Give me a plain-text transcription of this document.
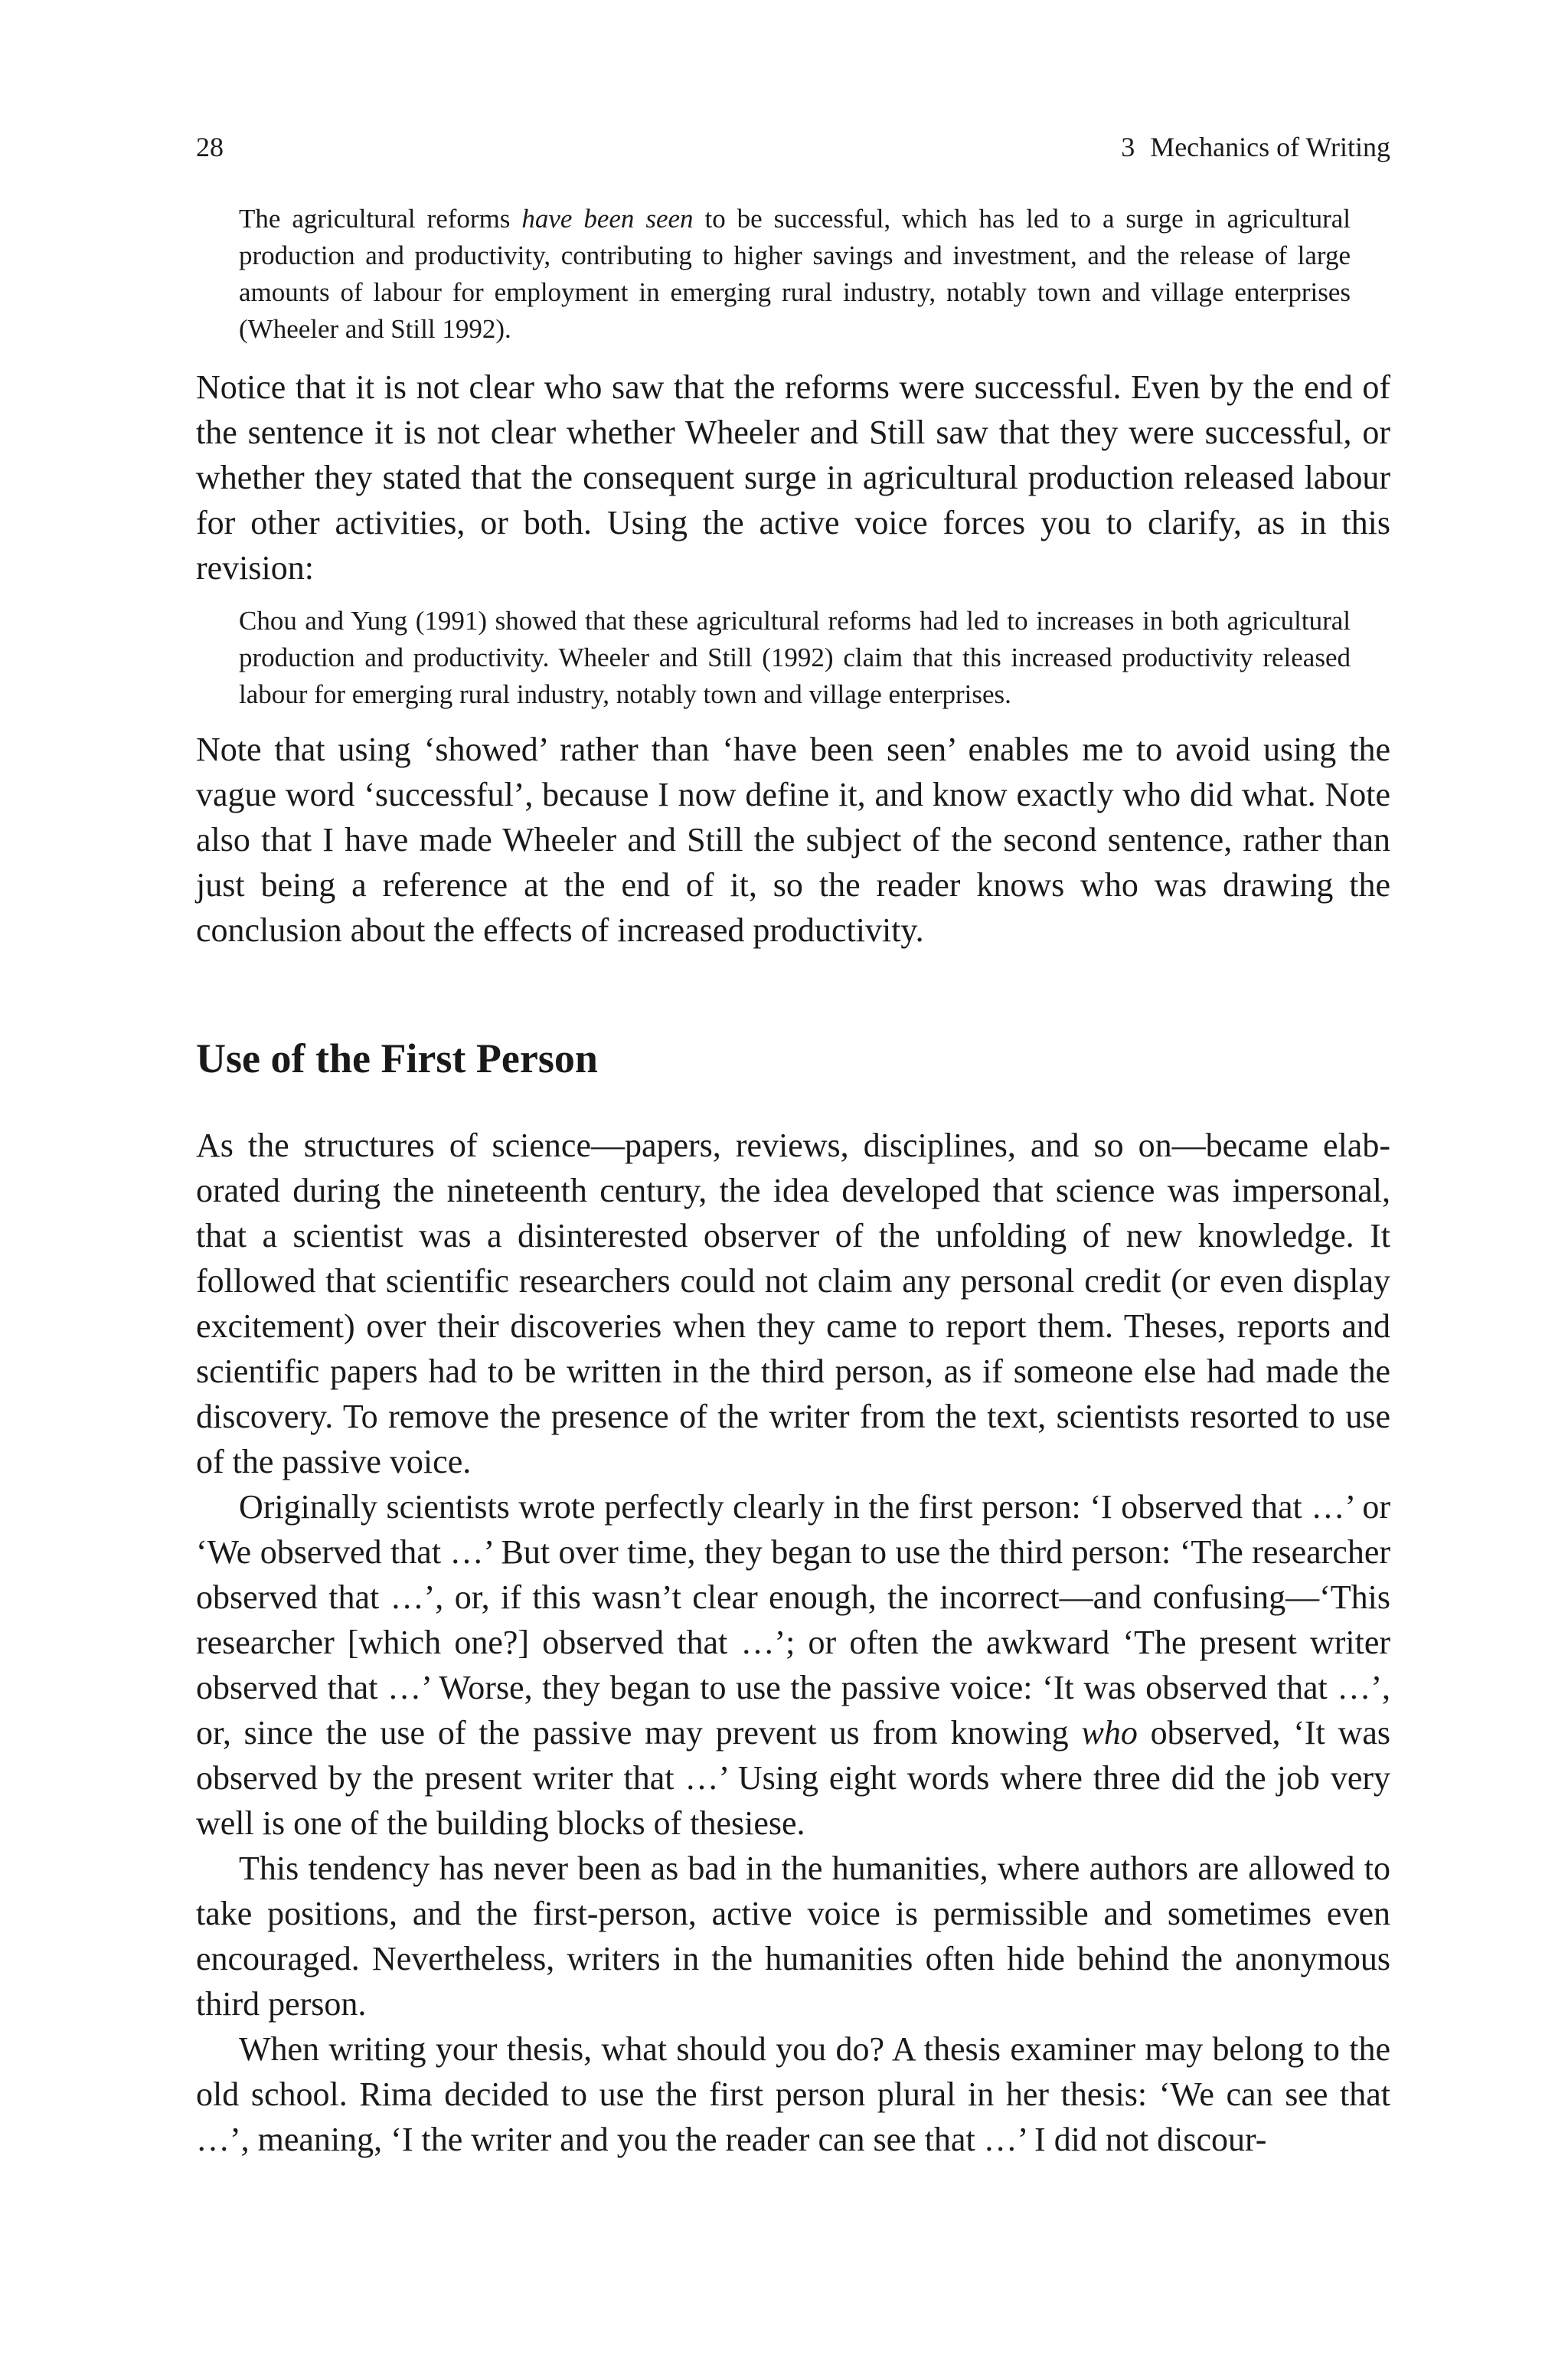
28	3 Mechanics of Writing

The agricultural reforms have been seen to be successful, which has led to a surge in agricultural production and productivity, contributing to higher savings and investment, and the release of large amounts of labour for employment in emerging rural industry, notably town and village enterprises (Wheeler and Still 1992).

Notice that it is not clear who saw that the reforms were successful. Even by the end of the sentence it is not clear whether Wheeler and Still saw that they were successful, or whether they stated that the consequent surge in agricultural production released labour for other activities, or both. Using the active voice forces you to clarify, as in this revision:

Chou and Yung (1991) showed that these agricultural reforms had led to increases in both agricultural production and productivity. Wheeler and Still (1992) claim that this increased productivity released labour for emerging rural industry, notably town and village enterprises.

Note that using ‘showed’ rather than ‘have been seen’ enables me to avoid using the vague word ‘successful’, because I now define it, and know exactly who did what. Note also that I have made Wheeler and Still the subject of the second sentence, rather than just being a reference at the end of it, so the reader knows who was drawing the conclusion about the effects of increased productivity.

Use of the First Person

As the structures of science—papers, reviews, disciplines, and so on—became elaborated during the nineteenth century, the idea developed that science was impersonal, that a scientist was a disinterested observer of the unfolding of new knowledge. It followed that scientific researchers could not claim any personal credit (or even display excitement) over their discoveries when they came to report them. Theses, reports and scientific papers had to be written in the third person, as if someone else had made the discovery. To remove the presence of the writer from the text, scientists resorted to use of the passive voice.

Originally scientists wrote perfectly clearly in the first person: ‘I observed that …’ or ‘We observed that …’ But over time, they began to use the third person: ‘The researcher observed that …’, or, if this wasn’t clear enough, the incorrect—and confusing—‘This researcher [which one?] observed that …’; or often the awkward ‘The present writer observed that …’ Worse, they began to use the passive voice: ‘It was observed that …’, or, since the use of the passive may prevent us from knowing who observed, ‘It was observed by the present writer that …’ Using eight words where three did the job very well is one of the building blocks of thesiese.

This tendency has never been as bad in the humanities, where authors are allowed to take positions, and the first-person, active voice is permissible and sometimes even encouraged. Nevertheless, writers in the humanities often hide behind the anonymous third person.

When writing your thesis, what should you do? A thesis examiner may belong to the old school. Rima decided to use the first person plural in her thesis: ‘We can see that …’, meaning, ‘I the writer and you the reader can see that …’ I did not discour-
